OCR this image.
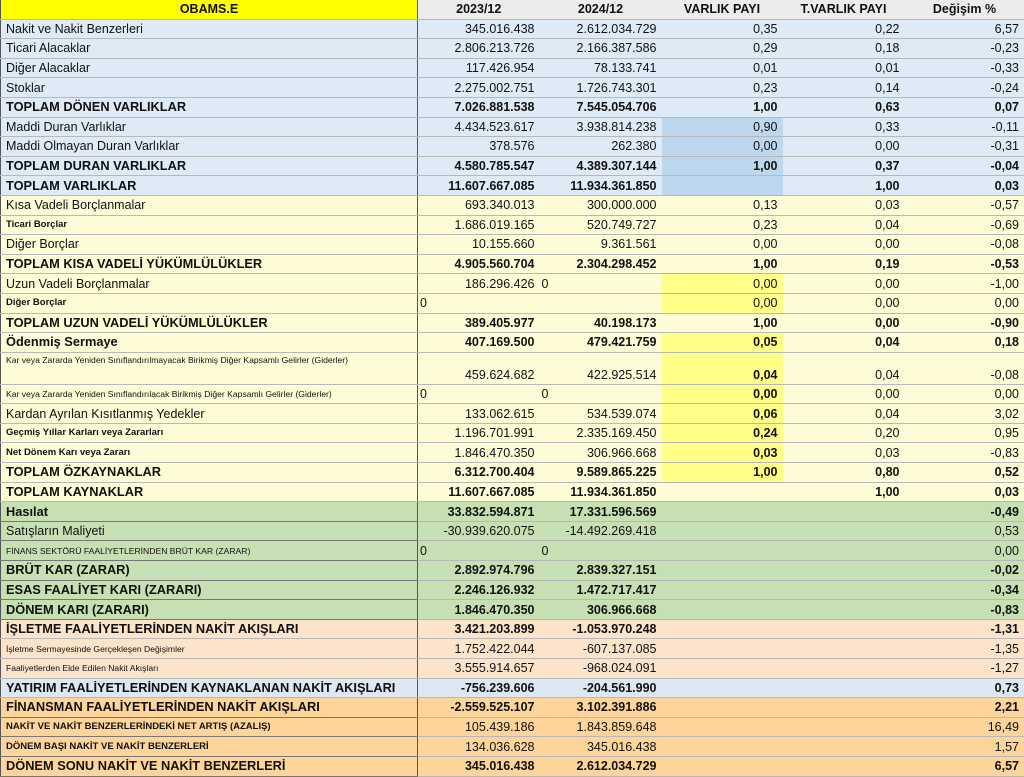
OBAMS.E	2023/12	2024/12	VARLIK PAYI	T.VARLIK PAYI	Değişim %
Nakit ve Nakit Benzerleri	345.016.438	2.612.034.729	0,35	0,22	6,57
Ticari Alacaklar	2.806.213.726	2.166.387.586	0,29	0,18	-0,23
Diğer Alacaklar	117.426.954	78.133.741	0,01	0,01	-0,33
Stoklar	2.275.002.751	1.726.743.301	0,23	0,14	-0,24
TOPLAM DÖNEN VARLIKLAR	7.026.881.538	7.545.054.706	1,00	0,63	0,07
Maddi Duran Varlıklar	4.434.523.617	3.938.814.238	0,90	0,33	-0,11
Maddi Olmayan Duran Varlıklar	378.576	262.380	0,00	0,00	-0,31
TOPLAM DURAN VARLIKLAR	4.580.785.547	4.389.307.144	1,00	0,37	-0,04
TOPLAM VARLIKLAR	11.607.667.085	11.934.361.850		1,00	0,03
Kısa Vadeli Borçlanmalar	693.340.013	300.000.000	0,13	0,03	-0,57
Ticari Borçlar	1.686.019.165	520.749.727	0,23	0,04	-0,69
Diğer Borçlar	10.155.660	9.361.561	0,00	0,00	-0,08
TOPLAM KISA VADELİ YÜKÜMLÜLÜKLER	4.905.560.704	2.304.298.452	1,00	0,19	-0,53
Uzun Vadeli Borçlanmalar	186.296.426	0	0,00	0,00	-1,00
Diğer Borçlar	0		0,00	0,00	0,00
TOPLAM UZUN VADELİ YÜKÜMLÜLÜKLER	389.405.977	40.198.173	1,00	0,00	-0,90
Ödenmiş Sermaye	407.169.500	479.421.759	0,05	0,04	0,18
Kar veya Zararda Yeniden Sınıflandırılmayacak Birikmiş Diğer Kapsamlı Gelirler (Giderler)	459.624.682	422.925.514	0,04	0,04	-0,08
Kar veya Zararda Yeniden Sınıflandırılacak Birikmiş Diğer Kapsamlı Gelirler (Giderler)	0	0	0,00	0,00	0,00
Kardan Ayrılan Kısıtlanmış Yedekler	133.062.615	534.539.074	0,06	0,04	3,02
Geçmiş Yıllar Karları veya Zararları	1.196.701.991	2.335.169.450	0,24	0,20	0,95
Net Dönem Karı veya Zararı	1.846.470.350	306.966.668	0,03	0,03	-0,83
TOPLAM ÖZKAYNAKLAR	6.312.700.404	9.589.865.225	1,00	0,80	0,52
TOPLAM KAYNAKLAR	11.607.667.085	11.934.361.850		1,00	0,03
Hasılat	33.832.594.871	17.331.596.569			-0,49
Satışların Maliyeti	-30.939.620.075	-14.492.269.418			0,53
FİNANS SEKTÖRÜ FAALİYETLERİNDEN BRÜT KAR (ZARAR)	0	0			0,00
BRÜT KAR (ZARAR)	2.892.974.796	2.839.327.151			-0,02
ESAS FAALİYET KARI (ZARARI)	2.246.126.932	1.472.717.417			-0,34
DÖNEM KARI (ZARARI)	1.846.470.350	306.966.668			-0,83
İŞLETME FAALİYETLERİNDEN NAKİT AKIŞLARI	3.421.203.899	-1.053.970.248			-1,31
İşletme Sermayesinde Gerçekleşen Değişimler	1.752.422.044	-607.137.085			-1,35
Faaliyetlerden Elde Edilen Nakit Akışları	3.555.914.657	-968.024.091			-1,27
YATIRIM FAALİYETLERİNDEN KAYNAKLANAN NAKİT AKIŞLARI	-756.239.606	-204.561.990			0,73
FİNANSMAN FAALİYETLERİNDEN NAKİT AKIŞLARI	-2.559.525.107	3.102.391.886			2,21
NAKİT VE NAKİT BENZERLERİNDEKİ NET ARTIŞ (AZALIŞ)	105.439.186	1.843.859.648			16,49
DÖNEM BAŞI NAKİT VE NAKİT BENZERLERİ	134.036.628	345.016.438			1,57
DÖNEM SONU NAKİT VE NAKİT BENZERLERİ	345.016.438	2.612.034.729			6,57
